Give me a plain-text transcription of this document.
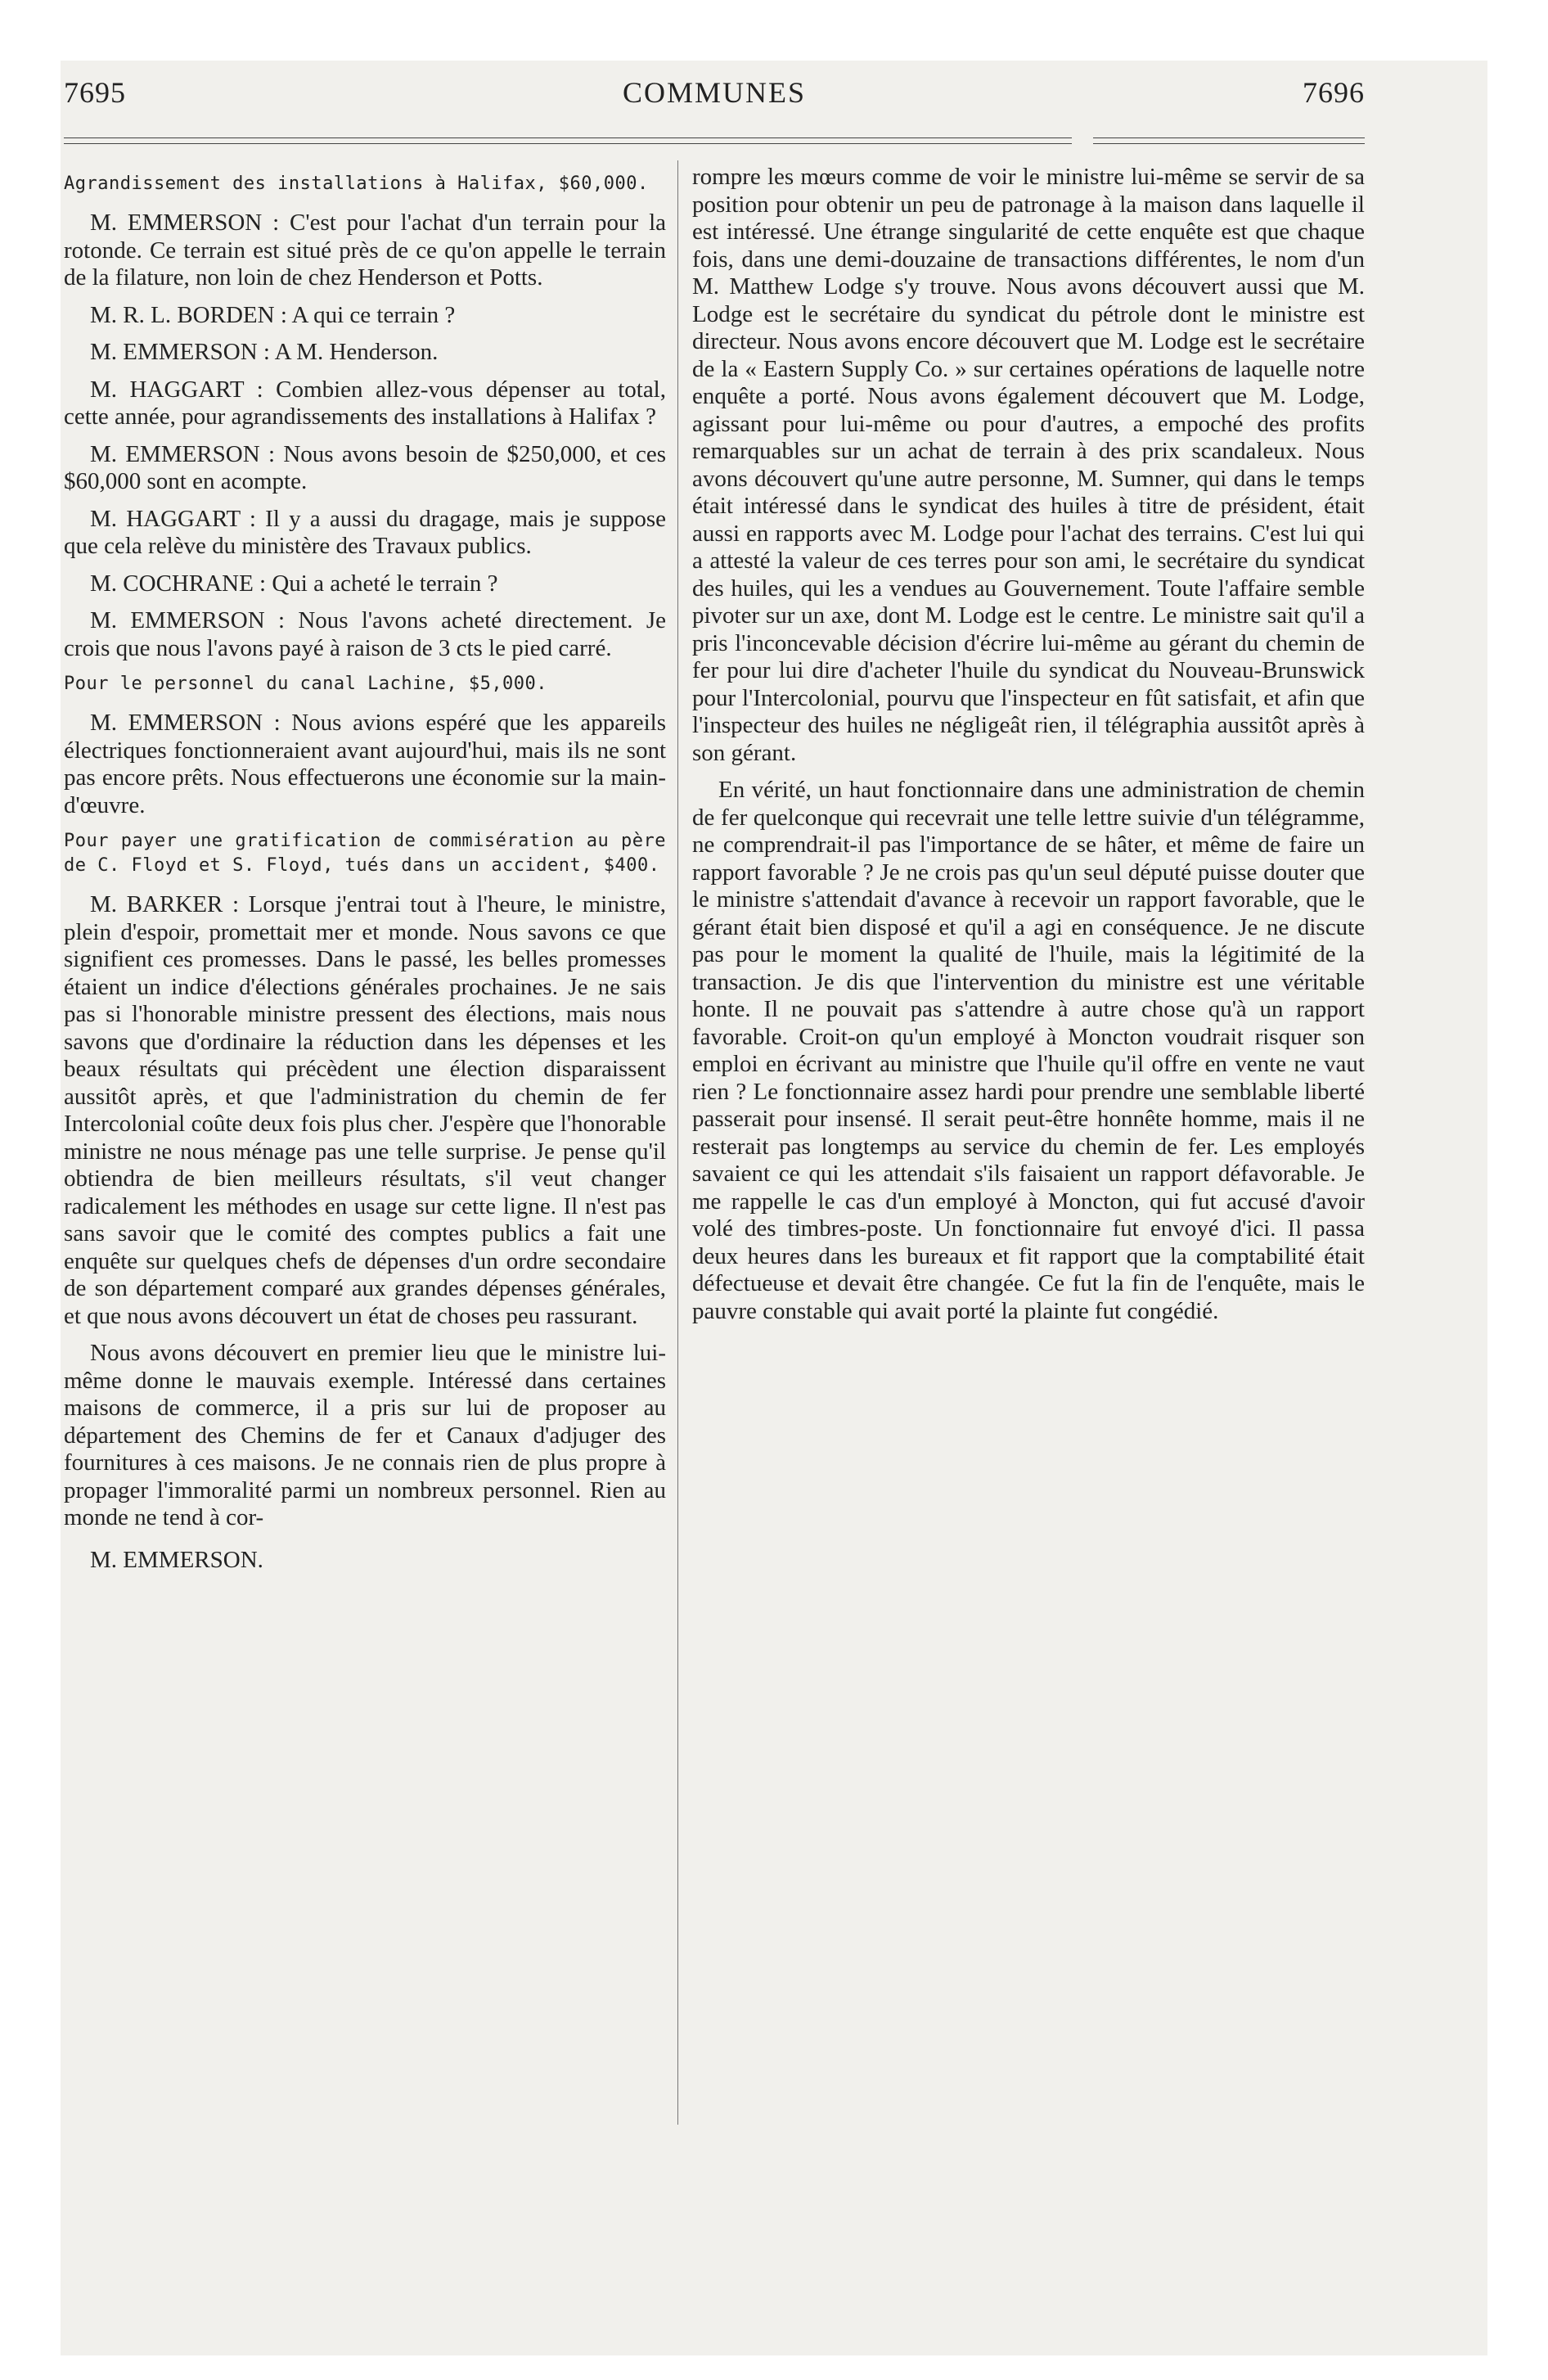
7695	COMMUNES	7696

Agrandissement des installations à Halifax, $60,000.

M. EMMERSON : C'est pour l'achat d'un terrain pour la rotonde. Ce terrain est situé près de ce qu'on appelle le terrain de la filature, non loin de chez Henderson et Potts.

M. R. L. BORDEN : A qui ce terrain ?

M. EMMERSON : A M. Henderson.

M. HAGGART : Combien allez-vous dépenser au total, cette année, pour agrandissements des installations à Halifax ?

M. EMMERSON : Nous avons besoin de $250,000, et ces $60,000 sont en acompte.

M. HAGGART : Il y a aussi du dragage, mais je suppose que cela relève du ministère des Travaux publics.

M. COCHRANE : Qui a acheté le terrain ?

M. EMMERSON : Nous l'avons acheté directement. Je crois que nous l'avons payé à raison de 3 cts le pied carré.

Pour le personnel du canal Lachine, $5,000.

M. EMMERSON : Nous avions espéré que les appareils électriques fonctionneraient avant aujourd'hui, mais ils ne sont pas encore prêts. Nous effectuerons une économie sur la main-d'œuvre.

Pour payer une gratification de commisération au père de C. Floyd et S. Floyd, tués dans un accident, $400.

M. BARKER : Lorsque j'entrai tout à l'heure, le ministre, plein d'espoir, promettait mer et monde. Nous savons ce que signifient ces promesses. Dans le passé, les belles promesses étaient un indice d'élections générales prochaines. Je ne sais pas si l'honorable ministre pressent des élections, mais nous savons que d'ordinaire la réduction dans les dépenses et les beaux résultats qui précèdent une élection disparaissent aussitôt après, et que l'administration du chemin de fer Intercolonial coûte deux fois plus cher. J'espère que l'honorable ministre ne nous ménage pas une telle surprise. Je pense qu'il obtiendra de bien meilleurs résultats, s'il veut changer radicalement les méthodes en usage sur cette ligne. Il n'est pas sans savoir que le comité des comptes publics a fait une enquête sur quelques chefs de dépenses d'un ordre secondaire de son département comparé aux grandes dépenses générales, et que nous avons découvert un état de choses peu rassurant.

Nous avons découvert en premier lieu que le ministre lui-même donne le mauvais exemple. Intéressé dans certaines maisons de commerce, il a pris sur lui de proposer au département des Chemins de fer et Canaux d'adjuger des fournitures à ces maisons. Je ne connais rien de plus propre à propager l'immoralité parmi un nombreux personnel. Rien au monde ne tend à cor-

M. EMMERSON.

rompre les mœurs comme de voir le ministre lui-même se servir de sa position pour obtenir un peu de patronage à la maison dans laquelle il est intéressé. Une étrange singularité de cette enquête est que chaque fois, dans une demi-douzaine de transactions différentes, le nom d'un M. Matthew Lodge s'y trouve. Nous avons découvert aussi que M. Lodge est le secrétaire du syndicat du pétrole dont le ministre est directeur. Nous avons encore découvert que M. Lodge est le secrétaire de la « Eastern Supply Co. » sur certaines opérations de laquelle notre enquête a porté. Nous avons également découvert que M. Lodge, agissant pour lui-même ou pour d'autres, a empoché des profits remarquables sur un achat de terrain à des prix scandaleux. Nous avons découvert qu'une autre personne, M. Sumner, qui dans le temps était intéressé dans le syndicat des huiles à titre de président, était aussi en rapports avec M. Lodge pour l'achat des terrains. C'est lui qui a attesté la valeur de ces terres pour son ami, le secrétaire du syndicat des huiles, qui les a vendues au Gouvernement. Toute l'affaire semble pivoter sur un axe, dont M. Lodge est le centre. Le ministre sait qu'il a pris l'inconcevable décision d'écrire lui-même au gérant du chemin de fer pour lui dire d'acheter l'huile du syndicat du Nouveau-Brunswick pour l'Intercolonial, pourvu que l'inspecteur en fût satisfait, et afin que l'inspecteur des huiles ne négligeât rien, il télégraphia aussitôt après à son gérant.

En vérité, un haut fonctionnaire dans une administration de chemin de fer quelconque qui recevrait une telle lettre suivie d'un télégramme, ne comprendrait-il pas l'importance de se hâter, et même de faire un rapport favorable ? Je ne crois pas qu'un seul député puisse douter que le ministre s'attendait d'avance à recevoir un rapport favorable, que le gérant était bien disposé et qu'il a agi en conséquence. Je ne discute pas pour le moment la qualité de l'huile, mais la légitimité de la transaction. Je dis que l'intervention du ministre est une véritable honte. Il ne pouvait pas s'attendre à autre chose qu'à un rapport favorable. Croit-on qu'un employé à Moncton voudrait risquer son emploi en écrivant au ministre que l'huile qu'il offre en vente ne vaut rien ? Le fonctionnaire assez hardi pour prendre une semblable liberté passerait pour insensé. Il serait peut-être honnête homme, mais il ne resterait pas longtemps au service du chemin de fer. Les employés savaient ce qui les attendait s'ils faisaient un rapport défavorable. Je me rappelle le cas d'un employé à Moncton, qui fut accusé d'avoir volé des timbres-poste. Un fonctionnaire fut envoyé d'ici. Il passa deux heures dans les bureaux et fit rapport que la comptabilité était défectueuse et devait être changée. Ce fut la fin de l'enquête, mais le pauvre constable qui avait porté la plainte fut congédié.
